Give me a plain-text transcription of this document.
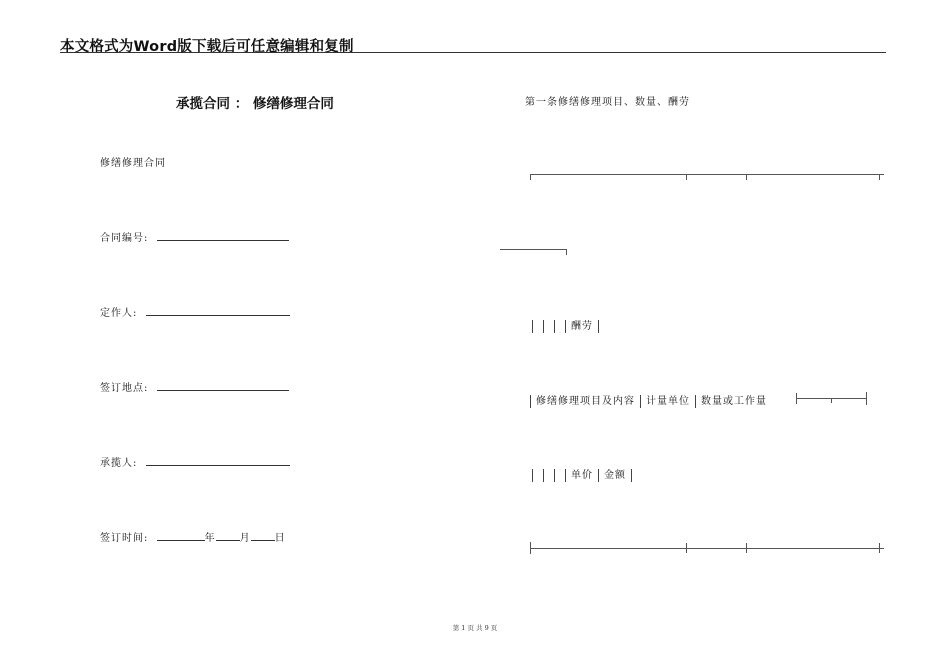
本文格式为Word版下载后可任意编辑和复制
承揽合同 ： 修缮修理合同
修缮修理合同
合同编号:
定作人:
签订地点:
承揽人:
签订时间:	年 月 日
第一条修缮修理项目、数量、酬劳
酬劳
修缮修理项目及内容 计量单位 数量或工作量
单价 金额
第 1 页 共 9 页
